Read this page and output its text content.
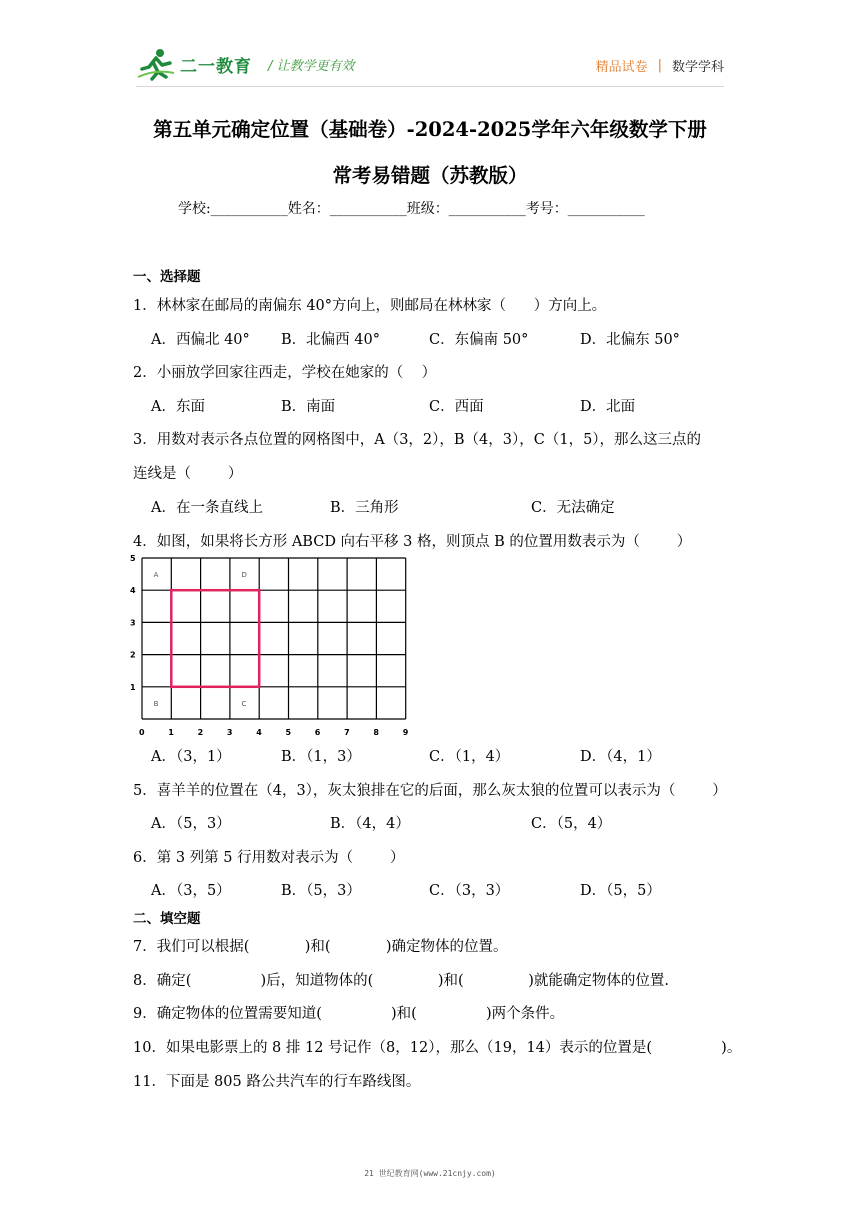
二一教育 / 让教学更有效	精品试卷 | 数学学科
第五单元确定位置（基础卷）-2024-2025学年六年级数学下册
常考易错题（苏教版）
学校:___________姓名：___________班级：___________考号：___________
一、选择题
1．林林家在邮局的南偏东 40°方向上，则邮局在林林家（      ）方向上。

A．西偏北 40°

B．北偏西 40°

	C．东偏南 50°

	D．北偏东 50°

2．小丽放学回家往西走，学校在她家的（    ）

A．东面

	B．南面

	C．西面

	D．北面

3．用数对表示各点位置的网格图中，A（3，2），B（4，3），C（1，5），那么这三点的
连线是（        ）

A．在一条直线上

	B．三角形

	C．无法确定

4．如图，如果将长方形 ABCD 向右平移 3 格，则顶点 B 的位置用数表示为（        ）
0	1	2	3	4	5	6	7	8	9
1
2
3
4
5
A	D
B	C

A．（3，1）

	B．（1，3）

	C．（1，4）

	D．（4，1）

5．喜羊羊的位置在（4，3），灰太狼排在它的后面，那么灰太狼的位置可以表示为（        ）

A．（5，3）

	B．（4，4）

	C．（5，4）

6．第 3 列第 5 行用数对表示为（        ）

A．（3，5）

	B．（5，3）

	C．（3，3）

	D．（5，5）

二、填空题
7．我们可以根据(            )和(            )确定物体的位置。
8．确定(               )后，知道物体的(              )和(              )就能确定物体的位置.
9．确定物体的位置需要知道(               )和(               )两个条件。
10．如果电影票上的 8 排 12 号记作（8，12），那么（19，14）表示的位置是(               )。
11．下面是 805 路公共汽车的行车路线图。
21 世纪教育网(www.21cnjy.com)
